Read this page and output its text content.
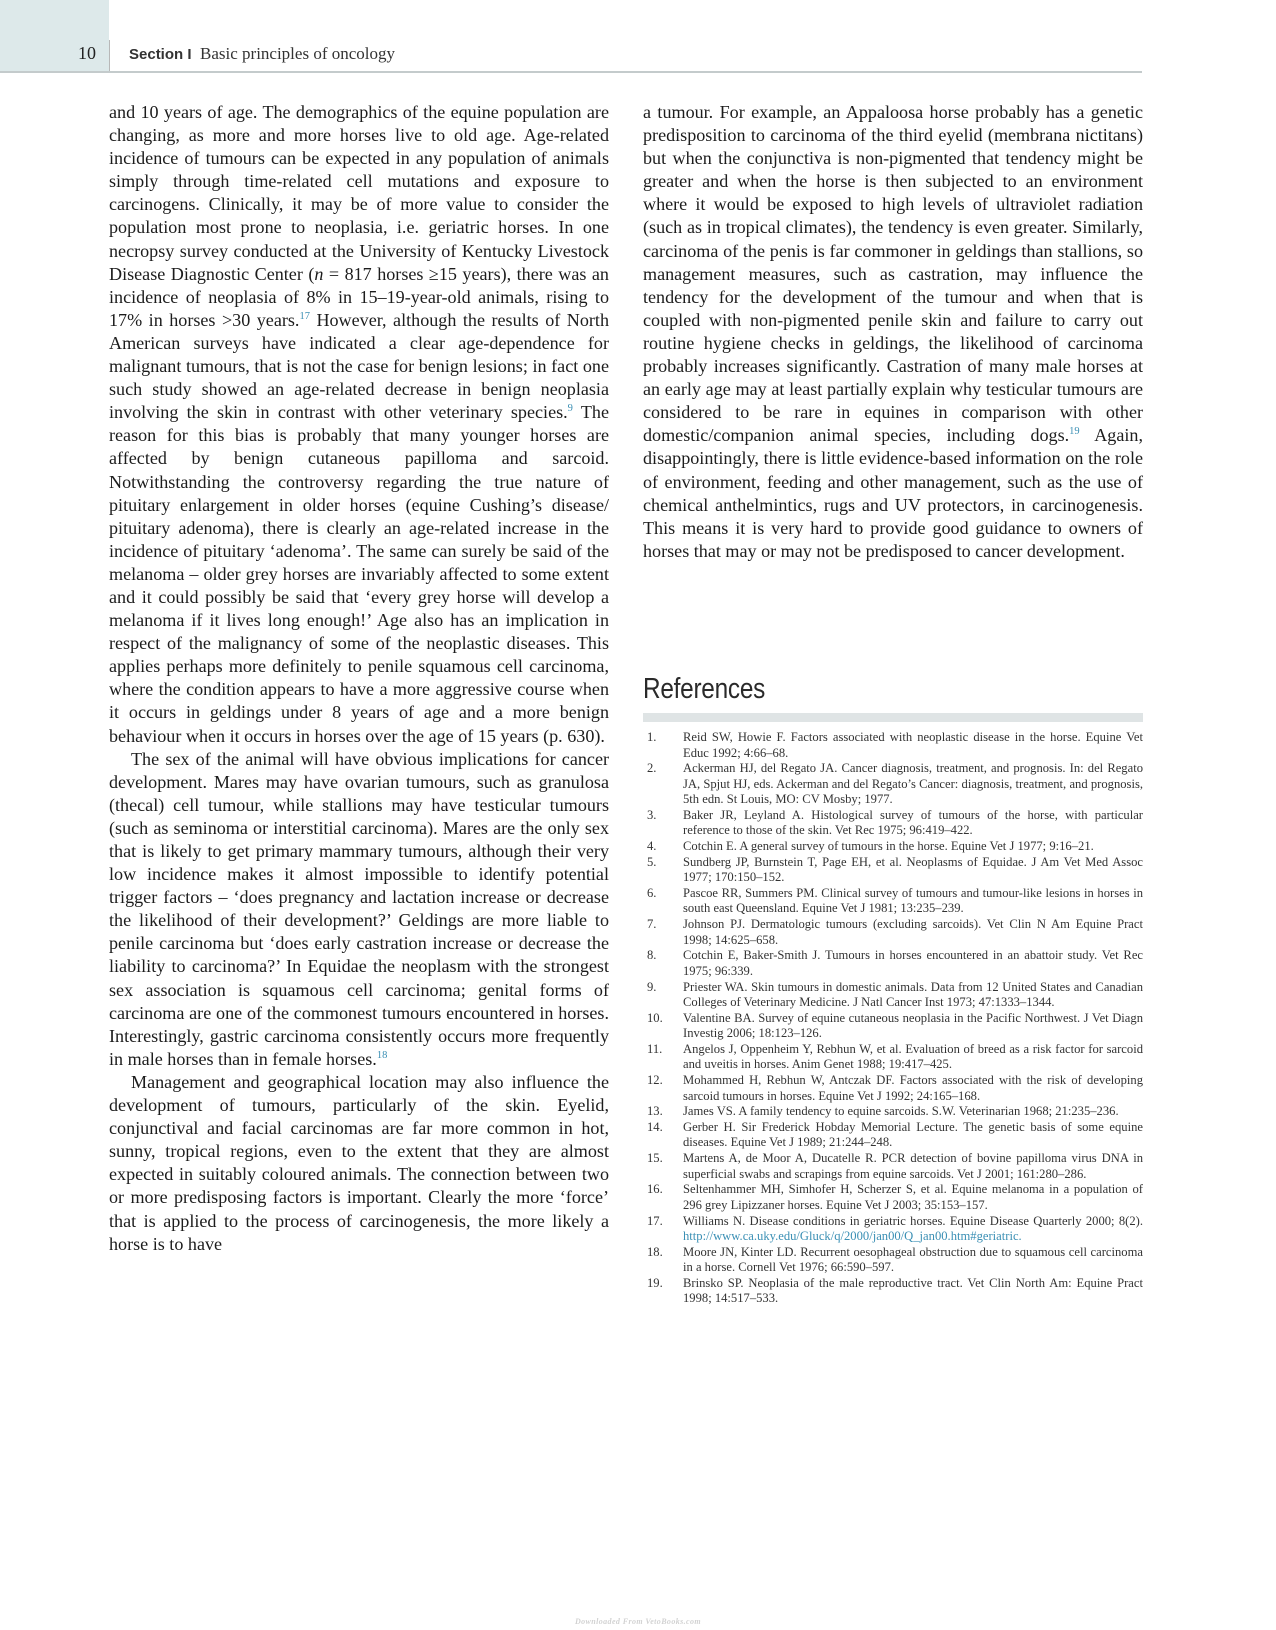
10 Section I Basic principles of oncology

and 10 years of age. The demographics of the equine population are changing, as more and more horses live to old age. Age-related incidence of tumours can be expected in any population of animals simply through time-related cell mutations and exposure to carcinogens. Clinically, it may be of more value to consider the population most prone to neoplasia, i.e. geriatric horses. In one necropsy survey conducted at the University of Kentucky Livestock Disease Diagnostic Center (n = 817 horses ≥15 years), there was an incidence of neoplasia of 8% in 15–19-year-old animals, rising to 17% in horses >30 years.$^{17}$ However, although the results of North American surveys have indicated a clear age-dependence for malignant tumours, that is not the case for benign lesions; in fact one such study showed an age-related decrease in benign neoplasia involving the skin in contrast with other veterinary species.$^9$ The reason for this bias is probably that many younger horses are affected by benign cutaneous papilloma and sarcoid. Notwithstanding the controversy regarding the true nature of pituitary enlargement in older horses (equine Cushing’s disease/ pituitary adenoma), there is clearly an age-related increase in the incidence of pituitary ‘adenoma’. The same can surely be said of the melanoma – older grey horses are invariably affected to some extent and it could possibly be said that ‘every grey horse will develop a melanoma if it lives long enough!’ Age also has an implication in respect of the malignancy of some of the neoplastic diseases. This applies perhaps more definitely to penile squamous cell carcinoma, where the condition appears to have a more aggressive course when it occurs in geldings under 8 years of age and a more benign behaviour when it occurs in horses over the age of 15 years (p. 630).

The sex of the animal will have obvious implications for cancer development. Mares may have ovarian tumours, such as granulosa (thecal) cell tumour, while stallions may have testicular tumours (such as seminoma or interstitial carcinoma). Mares are the only sex that is likely to get primary mammary tumours, although their very low incidence makes it almost impossible to identify potential trigger factors – ‘does pregnancy and lactation increase or decrease the likelihood of their development?’ Geldings are more liable to penile carcinoma but ‘does early castration increase or decrease the liability to carcinoma?’ In Equidae the neoplasm with the strongest sex association is squamous cell carcinoma; genital forms of carcinoma are one of the commonest tumours encountered in horses. Interestingly, gastric carcinoma consistently occurs more frequently in male horses than in female horses.$^{18}$

Management and geographical location may also influence the development of tumours, particularly of the skin. Eyelid, conjunctival and facial carcinomas are far more common in hot, sunny, tropical regions, even to the extent that they are almost expected in suitably coloured animals. The connection between two or more predisposing factors is important. Clearly the more ‘force’ that is applied to the process of carcinogenesis, the more likely a horse is to have

a tumour. For example, an Appaloosa horse probably has a genetic predisposition to carcinoma of the third eyelid (membrana nictitans) but when the conjunctiva is non-pigmented that tendency might be greater and when the horse is then subjected to an environment where it would be exposed to high levels of ultraviolet radiation (such as in tropical climates), the tendency is even greater. Similarly, carcinoma of the penis is far commoner in geldings than stallions, so management measures, such as castration, may influence the tendency for the development of the tumour and when that is coupled with non-pigmented penile skin and failure to carry out routine hygiene checks in geldings, the likelihood of carcinoma probably increases significantly. Castration of many male horses at an early age may at least partially explain why testicular tumours are considered to be rare in equines in comparison with other domestic/companion animal species, including dogs.$^{19}$ Again, disappointingly, there is little evidence-based information on the role of environment, feeding and other management, such as the use of chemical anthelmintics, rugs and UV protectors, in carcinogenesis. This means it is very hard to provide good guidance to owners of horses that may or may not be predisposed to cancer development.

References
1. Reid SW, Howie F. Factors associated with neoplastic disease in the horse. Equine Vet Educ 1992; 4:66–68.
2. Ackerman HJ, del Regato JA. Cancer diagnosis, treatment, and prognosis. In: del Regato JA, Spjut HJ, eds. Ackerman and del Regato’s Cancer: diagnosis, treatment, and prognosis, 5th edn. St Louis, MO: CV Mosby; 1977.
3. Baker JR, Leyland A. Histological survey of tumours of the horse, with particular reference to those of the skin. Vet Rec 1975; 96:419–422.
4. Cotchin E. A general survey of tumours in the horse. Equine Vet J 1977; 9:16–21.
5. Sundberg JP, Burnstein T, Page EH, et al. Neoplasms of Equidae. J Am Vet Med Assoc 1977; 170:150–152.
6. Pascoe RR, Summers PM. Clinical survey of tumours and tumour-like lesions in horses in south east Queensland. Equine Vet J 1981; 13:235–239.
7. Johnson PJ. Dermatologic tumours (excluding sarcoids). Vet Clin N Am Equine Pract 1998; 14:625–658.
8. Cotchin E, Baker-Smith J. Tumours in horses encountered in an abattoir study. Vet Rec 1975; 96:339.
9. Priester WA. Skin tumours in domestic animals. Data from 12 United States and Canadian Colleges of Veterinary Medicine. J Natl Cancer Inst 1973; 47:1333–1344.
10. Valentine BA. Survey of equine cutaneous neoplasia in the Pacific Northwest. J Vet Diagn Investig 2006; 18:123–126.
11. Angelos J, Oppenheim Y, Rebhun W, et al. Evaluation of breed as a risk factor for sarcoid and uveitis in horses. Anim Genet 1988; 19:417–425.
12. Mohammed H, Rebhun W, Antczak DF. Factors associated with the risk of developing sarcoid tumours in horses. Equine Vet J 1992; 24:165–168.
13. James VS. A family tendency to equine sarcoids. S.W. Veterinarian 1968; 21:235–236.
14. Gerber H. Sir Frederick Hobday Memorial Lecture. The genetic basis of some equine diseases. Equine Vet J 1989; 21:244–248.
15. Martens A, de Moor A, Ducatelle R. PCR detection of bovine papilloma virus DNA in superficial swabs and scrapings from equine sarcoids. Vet J 2001; 161:280–286.
16. Seltenhammer MH, Simhofer H, Scherzer S, et al. Equine melanoma in a population of 296 grey Lipizzaner horses. Equine Vet J 2003; 35:153–157.
17. Williams N. Disease conditions in geriatric horses. Equine Disease Quarterly 2000; 8(2). http://www.ca.uky.edu/Gluck/q/2000/jan00/Q_jan00.htm#geriatric.
18. Moore JN, Kinter LD. Recurrent oesophageal obstruction due to squamous cell carcinoma in a horse. Cornell Vet 1976; 66:590–597.
19. Brinsko SP. Neoplasia of the male reproductive tract. Vet Clin North Am: Equine Pract 1998; 14:517–533.
Downloaded From VetoBooks.com
